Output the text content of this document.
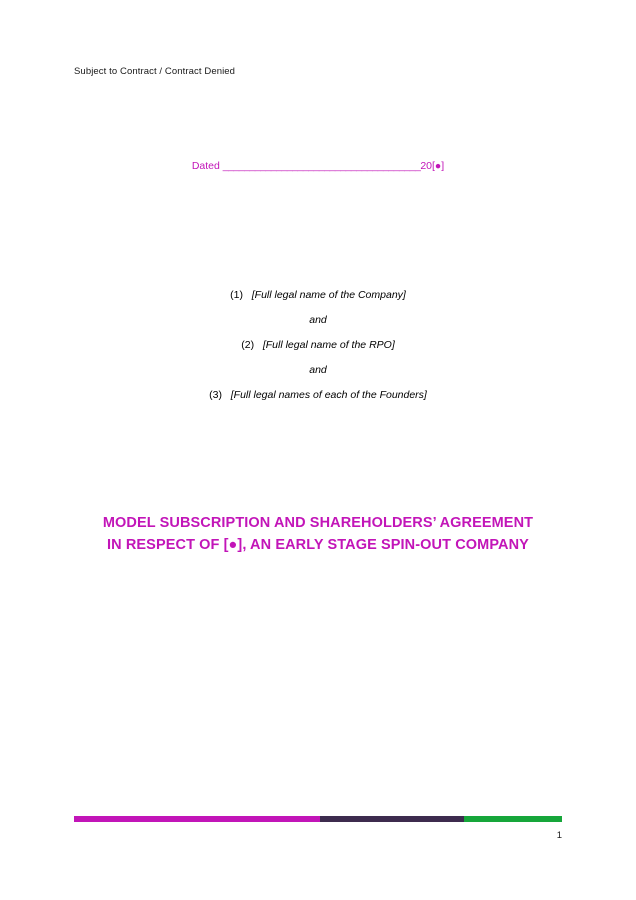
Subject to Contract / Contract Denied
Dated _____________________________________20[●]
(1) [Full legal name of the Company]
and
(2) [Full legal name of the RPO]
and
(3) [Full legal names of each of the Founders]
MODEL SUBSCRIPTION AND SHAREHOLDERS’ AGREEMENT
IN RESPECT OF [●], AN EARLY STAGE SPIN-OUT COMPANY
1
